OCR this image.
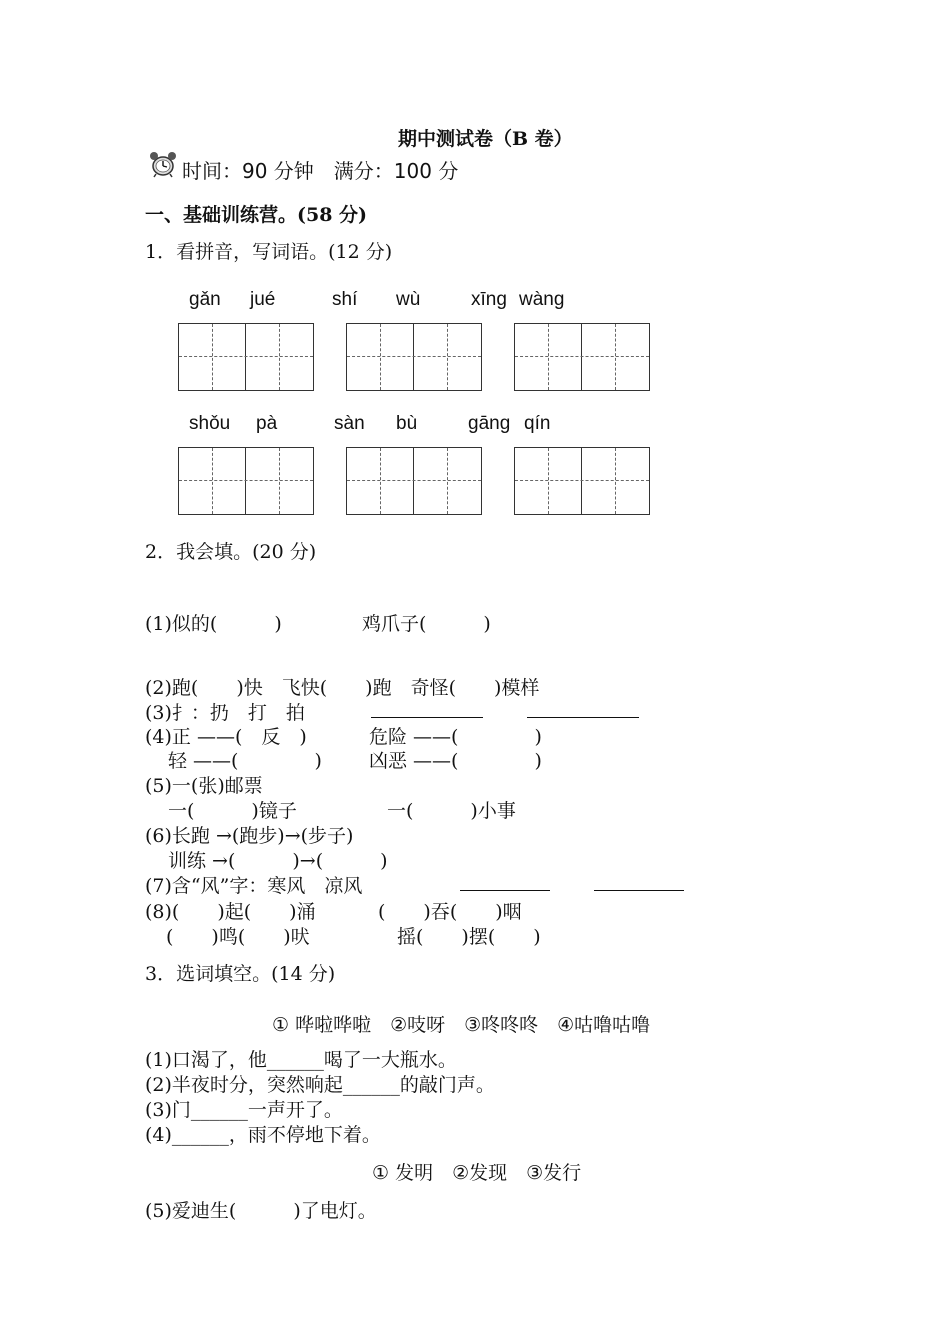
期中测试卷（B 卷）
时间：90 分钟　满分：100 分
一、基础训练营。(58 分)
1．看拼音，写词语。(12 分)
gǎn jué	shí wù	xīng wàng
shǒu pà	sàn bù	gāng qín
2．我会填。(20 分)
(1)似的(　　　)	鸡爪子(　　　)
(2)跑(　　)快　飞快(　　)跑　奇怪(　　)模样
(3)扌：扔　打　拍
(4)正 ——(　反　)	危险 ——(　　　　)
轻 ——(　　　　) 凶恶 ——(　　　　)
(5)一(张)邮票
一(　　　)镜子	一(　　　)小事
(6)长跑 →(跑步)→(步子)
训练 →(　　　)→(　　　)
(7)含“风”字：寒风　凉风
(8)(　　)起(　　)涌	(　　)吞(　　)咽
(　　)鸣(　　)吠	摇(　　)摆(　　)
3．选词填空。(14 分)
① 哗啦哗啦　②吱呀　③咚咚咚　④咕噜咕噜
(1)口渴了，他______喝了一大瓶水。
(2)半夜时分，突然响起______的敲门声。
(3)门______一声开了。
(4)______，雨不停地下着。
① 发明　②发现　③发行
(5)爱迪生(　　　)了电灯。
